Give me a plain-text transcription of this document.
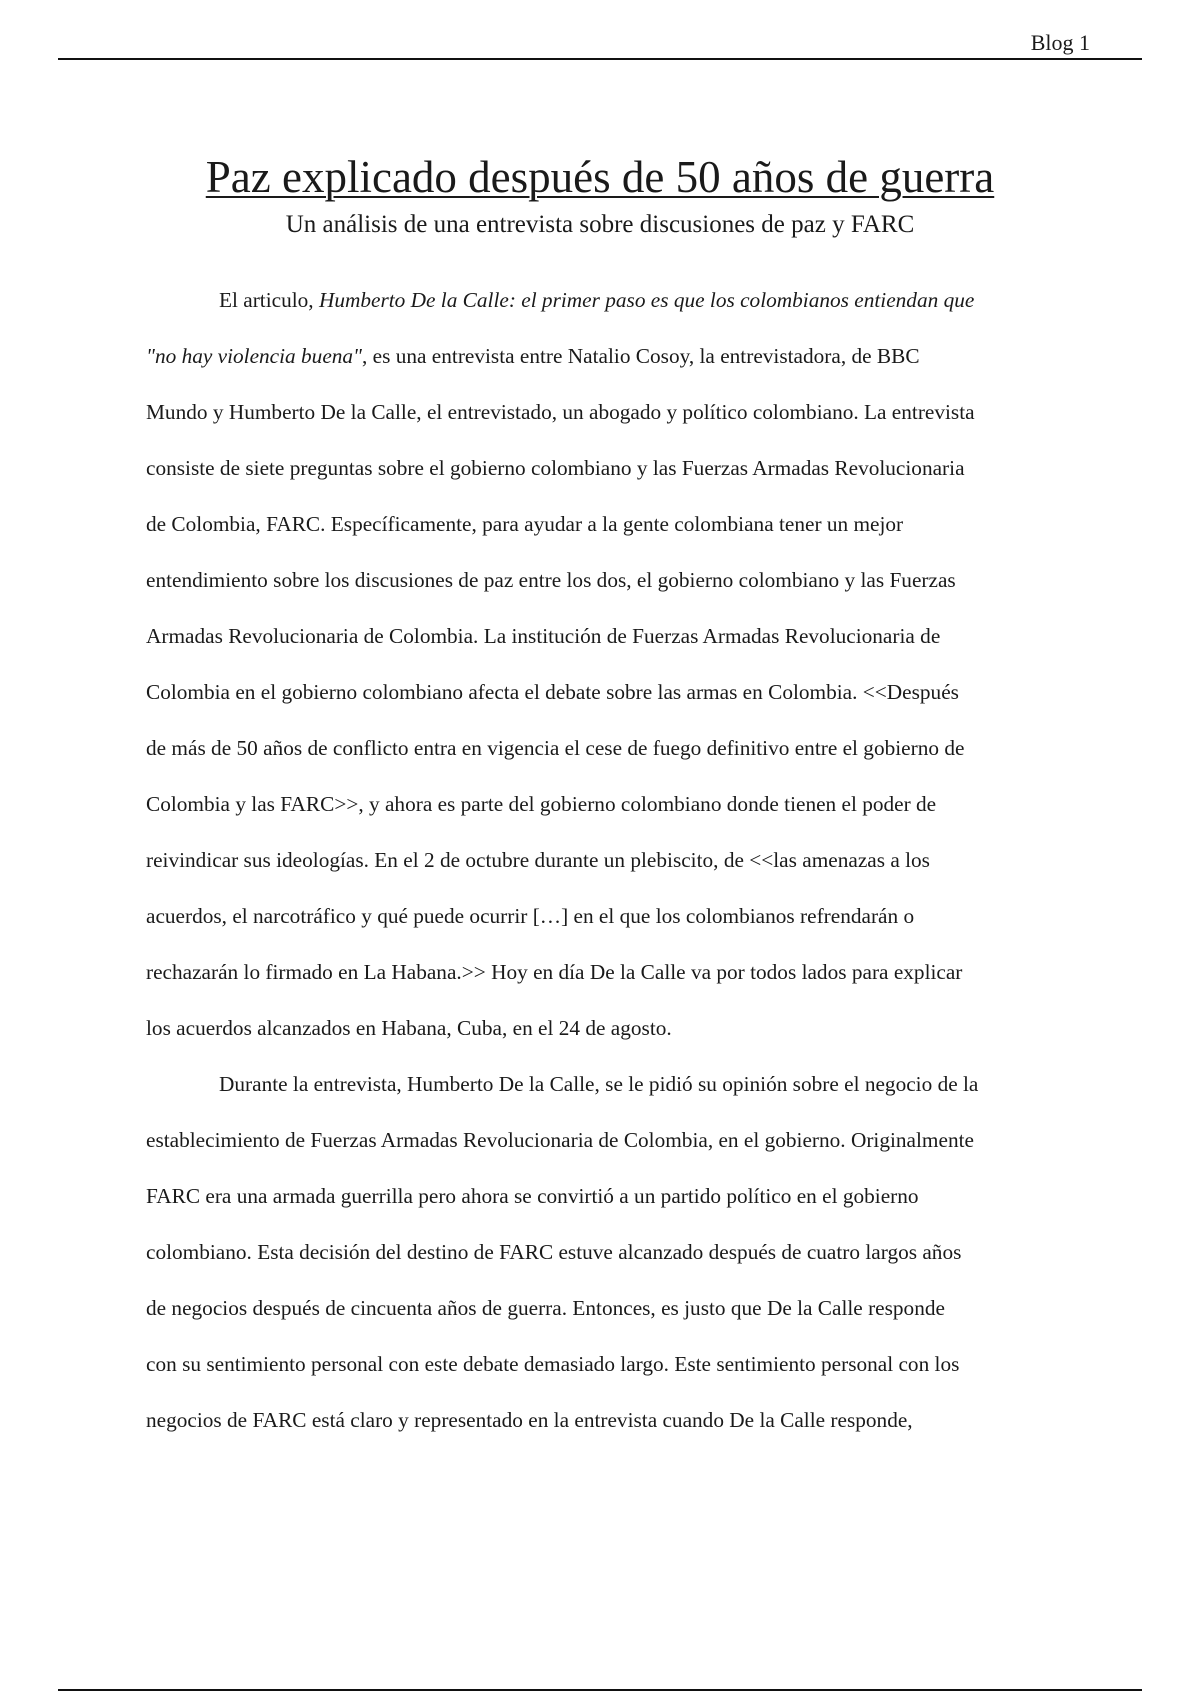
Blog 1
Paz explicado después de 50 años de guerra
Un análisis de una entrevista sobre discusiones de paz y FARC
El articulo, Humberto De la Calle: el primer paso es que los colombianos entiendan que
"no hay violencia buena", es una entrevista entre Natalio Cosoy, la entrevistadora, de BBC
Mundo y Humberto De la Calle, el entrevistado, un abogado y político colombiano. La entrevista
consiste de siete preguntas sobre el gobierno colombiano y las Fuerzas Armadas Revolucionaria
de Colombia, FARC. Específicamente, para ayudar a la gente colombiana tener un mejor
entendimiento sobre los discusiones de paz entre los dos, el gobierno colombiano y las Fuerzas
Armadas Revolucionaria de Colombia. La institución de Fuerzas Armadas Revolucionaria de
Colombia en el gobierno colombiano afecta el debate sobre las armas en Colombia. <<Después
de más de 50 años de conflicto entra en vigencia el cese de fuego definitivo entre el gobierno de
Colombia y las FARC>>, y ahora es parte del gobierno colombiano donde tienen el poder de
reivindicar sus ideologías. En el 2 de octubre durante un plebiscito, de <<las amenazas a los
acuerdos, el narcotráfico y qué puede ocurrir […] en el que los colombianos refrendarán o
rechazarán lo firmado en La Habana.>> Hoy en día De la Calle va por todos lados para explicar
los acuerdos alcanzados en Habana, Cuba, en el 24 de agosto.
Durante la entrevista, Humberto De la Calle, se le pidió su opinión sobre el negocio de la
establecimiento de Fuerzas Armadas Revolucionaria de Colombia, en el gobierno. Originalmente
FARC era una armada guerrilla pero ahora se convirtió a un partido político en el gobierno
colombiano. Esta decisión del destino de FARC estuve alcanzado después de cuatro largos años
de negocios después de cincuenta años de guerra. Entonces, es justo que De la Calle responde
con su sentimiento personal con este debate demasiado largo. Este sentimiento personal con los
negocios de FARC está claro y representado en la entrevista cuando De la Calle responde,
